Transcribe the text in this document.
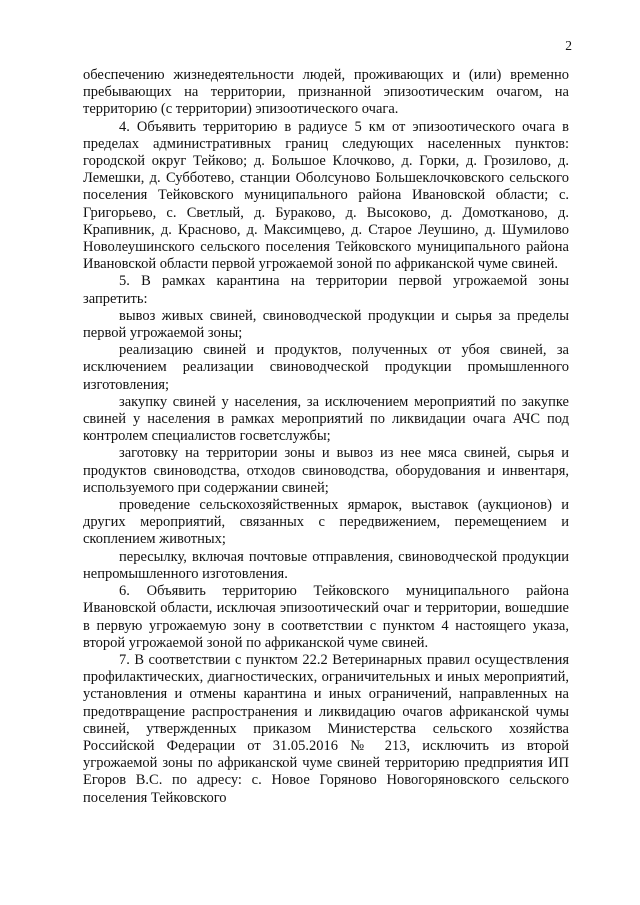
2

обеспечению жизнедеятельности людей, проживающих и (или) временно пребывающих на территории, признанной эпизоотическим очагом, на территорию (с территории) эпизоотического очага.

4. Объявить территорию в радиусе 5 км от эпизоотического очага в пределах административных границ следующих населенных пунктов: городской округ Тейково; д. Большое Клочково, д. Горки, д. Грозилово, д. Лемешки, д. Субботево, станции Оболсуново Большеклочковского сельского поселения Тейковского муниципального района Ивановской области; с. Григорьево, с. Светлый, д. Бураково, д. Высоково, д. Домотканово, д. Крапивник, д. Красново, д. Максимцево, д. Старое Леушино, д. Шумилово Новолеушинского сельского поселения Тейковского муниципального района Ивановской области первой угрожаемой зоной по африканской чуме свиней.

5. В рамках карантина на территории первой угрожаемой зоны запретить:

вывоз живых свиней, свиноводческой продукции и сырья за пределы первой угрожаемой зоны;

реализацию свиней и продуктов, полученных от убоя свиней, за исключением реализации свиноводческой продукции промышленного изготовления;

закупку свиней у населения, за исключением мероприятий по закупке свиней у населения в рамках мероприятий по ликвидации очага АЧС под контролем специалистов госветслужбы;

заготовку на территории зоны и вывоз из нее мяса свиней, сырья и продуктов свиноводства, отходов свиноводства, оборудования и инвентаря, используемого при содержании свиней;

проведение сельскохозяйственных ярмарок, выставок (аукционов) и других мероприятий, связанных с передвижением, перемещением и скоплением животных;

пересылку, включая почтовые отправления, свиноводческой продукции непромышленного изготовления.

6. Объявить территорию Тейковского муниципального района Ивановской области, исключая эпизоотический очаг и территории, вошедшие в первую угрожаемую зону в соответствии с пунктом 4 настоящего указа, второй угрожаемой зоной по африканской чуме свиней.

7. В соответствии с пунктом 22.2 Ветеринарных правил осуществления профилактических, диагностических, ограничительных и иных мероприятий, установления и отмены карантина и иных ограничений, направленных на предотвращение распространения и ликвидацию очагов африканской чумы свиней, утвержденных приказом Министерства сельского хозяйства Российской Федерации от 31.05.2016 № 213, исключить из второй угрожаемой зоны по африканской чуме свиней территорию предприятия ИП Егоров В.С. по адресу: с. Новое Горяново Новогоряновского сельского поселения Тейковского
